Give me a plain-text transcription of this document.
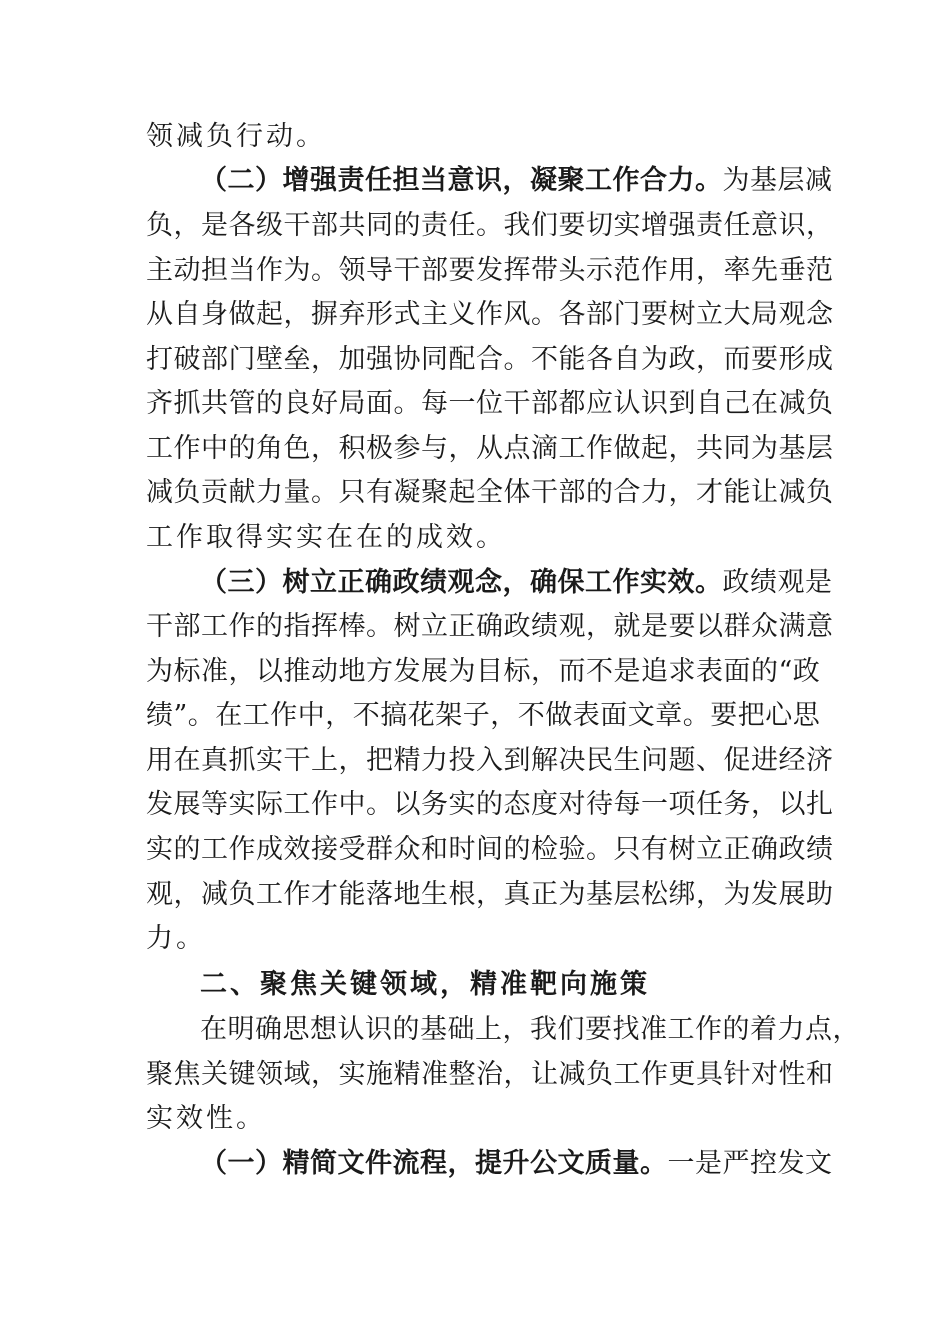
领减负行动。
（二）增强责任担当意识，凝聚工作合力。为基层减
负，是各级干部共同的责任。我们要切实增强责任意识，
主动担当作为。领导干部要发挥带头示范作用，率先垂范
从自身做起，摒弃形式主义作风。各部门要树立大局观念
打破部门壁垒，加强协同配合。不能各自为政，而要形成
齐抓共管的良好局面。每一位干部都应认识到自己在减负
工作中的角色，积极参与，从点滴工作做起，共同为基层
减负贡献力量。只有凝聚起全体干部的合力，才能让减负
工作取得实实在在的成效。
（三）树立正确政绩观念，确保工作实效。政绩观是
干部工作的指挥棒。树立正确政绩观，就是要以群众满意
为标准，以推动地方发展为目标，而不是追求表面的“政
绩”。在工作中，不搞花架子，不做表面文章。要把心思
用在真抓实干上，把精力投入到解决民生问题、促进经济
发展等实际工作中。以务实的态度对待每一项任务，以扎
实的工作成效接受群众和时间的检验。只有树立正确政绩
观，减负工作才能落地生根，真正为基层松绑，为发展助
力。
二、聚焦关键领域，精准靶向施策
在明确思想认识的基础上，我们要找准工作的着力点，
聚焦关键领域，实施精准整治，让减负工作更具针对性和
实效性。
（一）精简文件流程，提升公文质量。一是严控发文
